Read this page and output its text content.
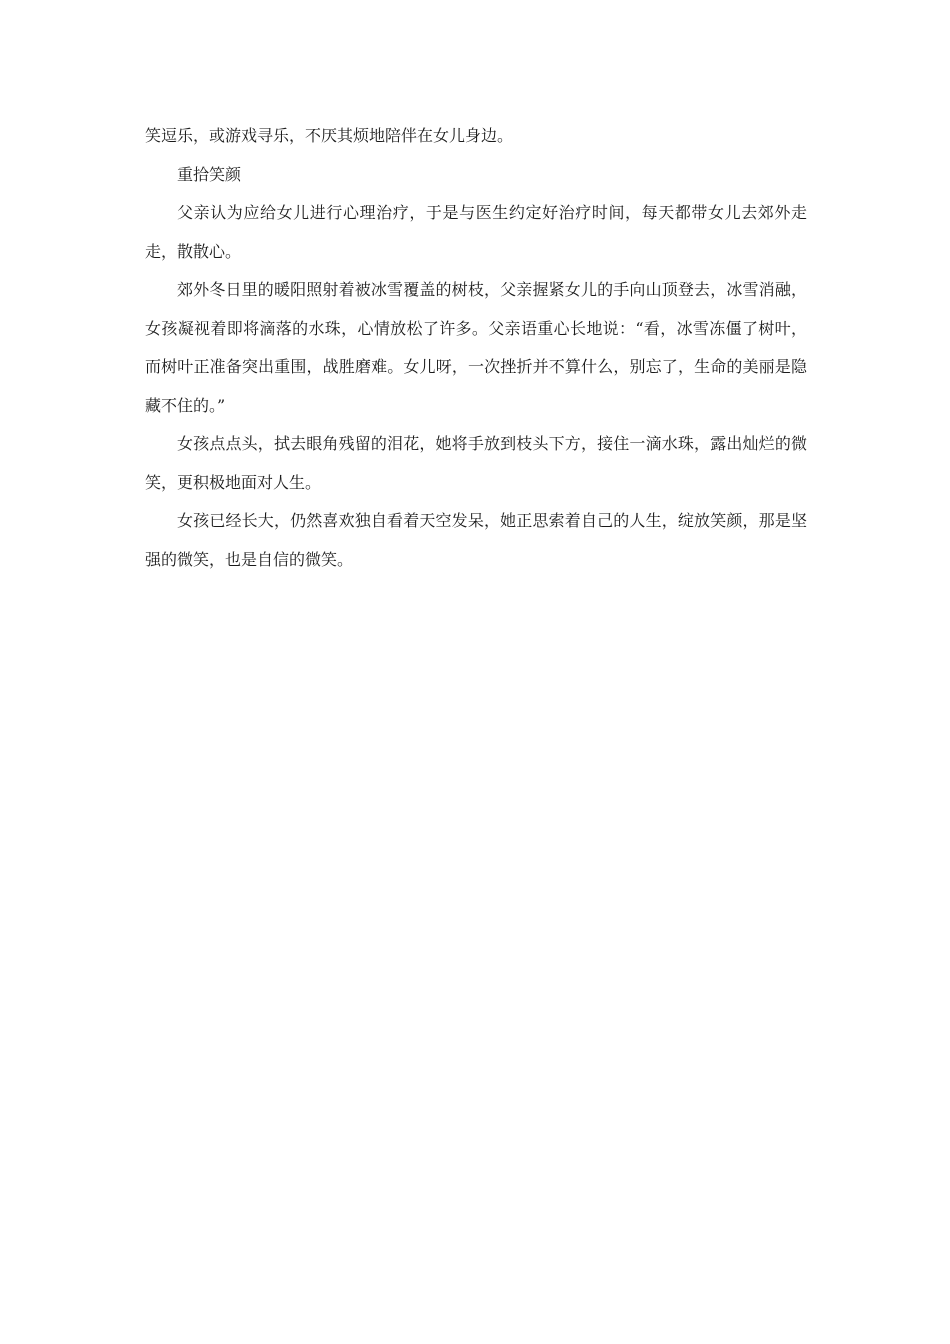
笑逗乐，或游戏寻乐，不厌其烦地陪伴在女儿身边。

重拾笑颜

父亲认为应给女儿进行心理治疗，于是与医生约定好治疗时间，每天都带女儿去郊外走走，散散心。

郊外冬日里的暖阳照射着被冰雪覆盖的树枝，父亲握紧女儿的手向山顶登去，冰雪消融，女孩凝视着即将滴落的水珠，心情放松了许多。父亲语重心长地说：“看，冰雪冻僵了树叶，而树叶正准备突出重围，战胜磨难。女儿呀，一次挫折并不算什么，别忘了，生命的美丽是隐藏不住的。”

女孩点点头，拭去眼角残留的泪花，她将手放到枝头下方，接住一滴水珠，露出灿烂的微笑，更积极地面对人生。

女孩已经长大，仍然喜欢独自看着天空发呆，她正思索着自己的人生，绽放笑颜，那是坚强的微笑，也是自信的微笑。
